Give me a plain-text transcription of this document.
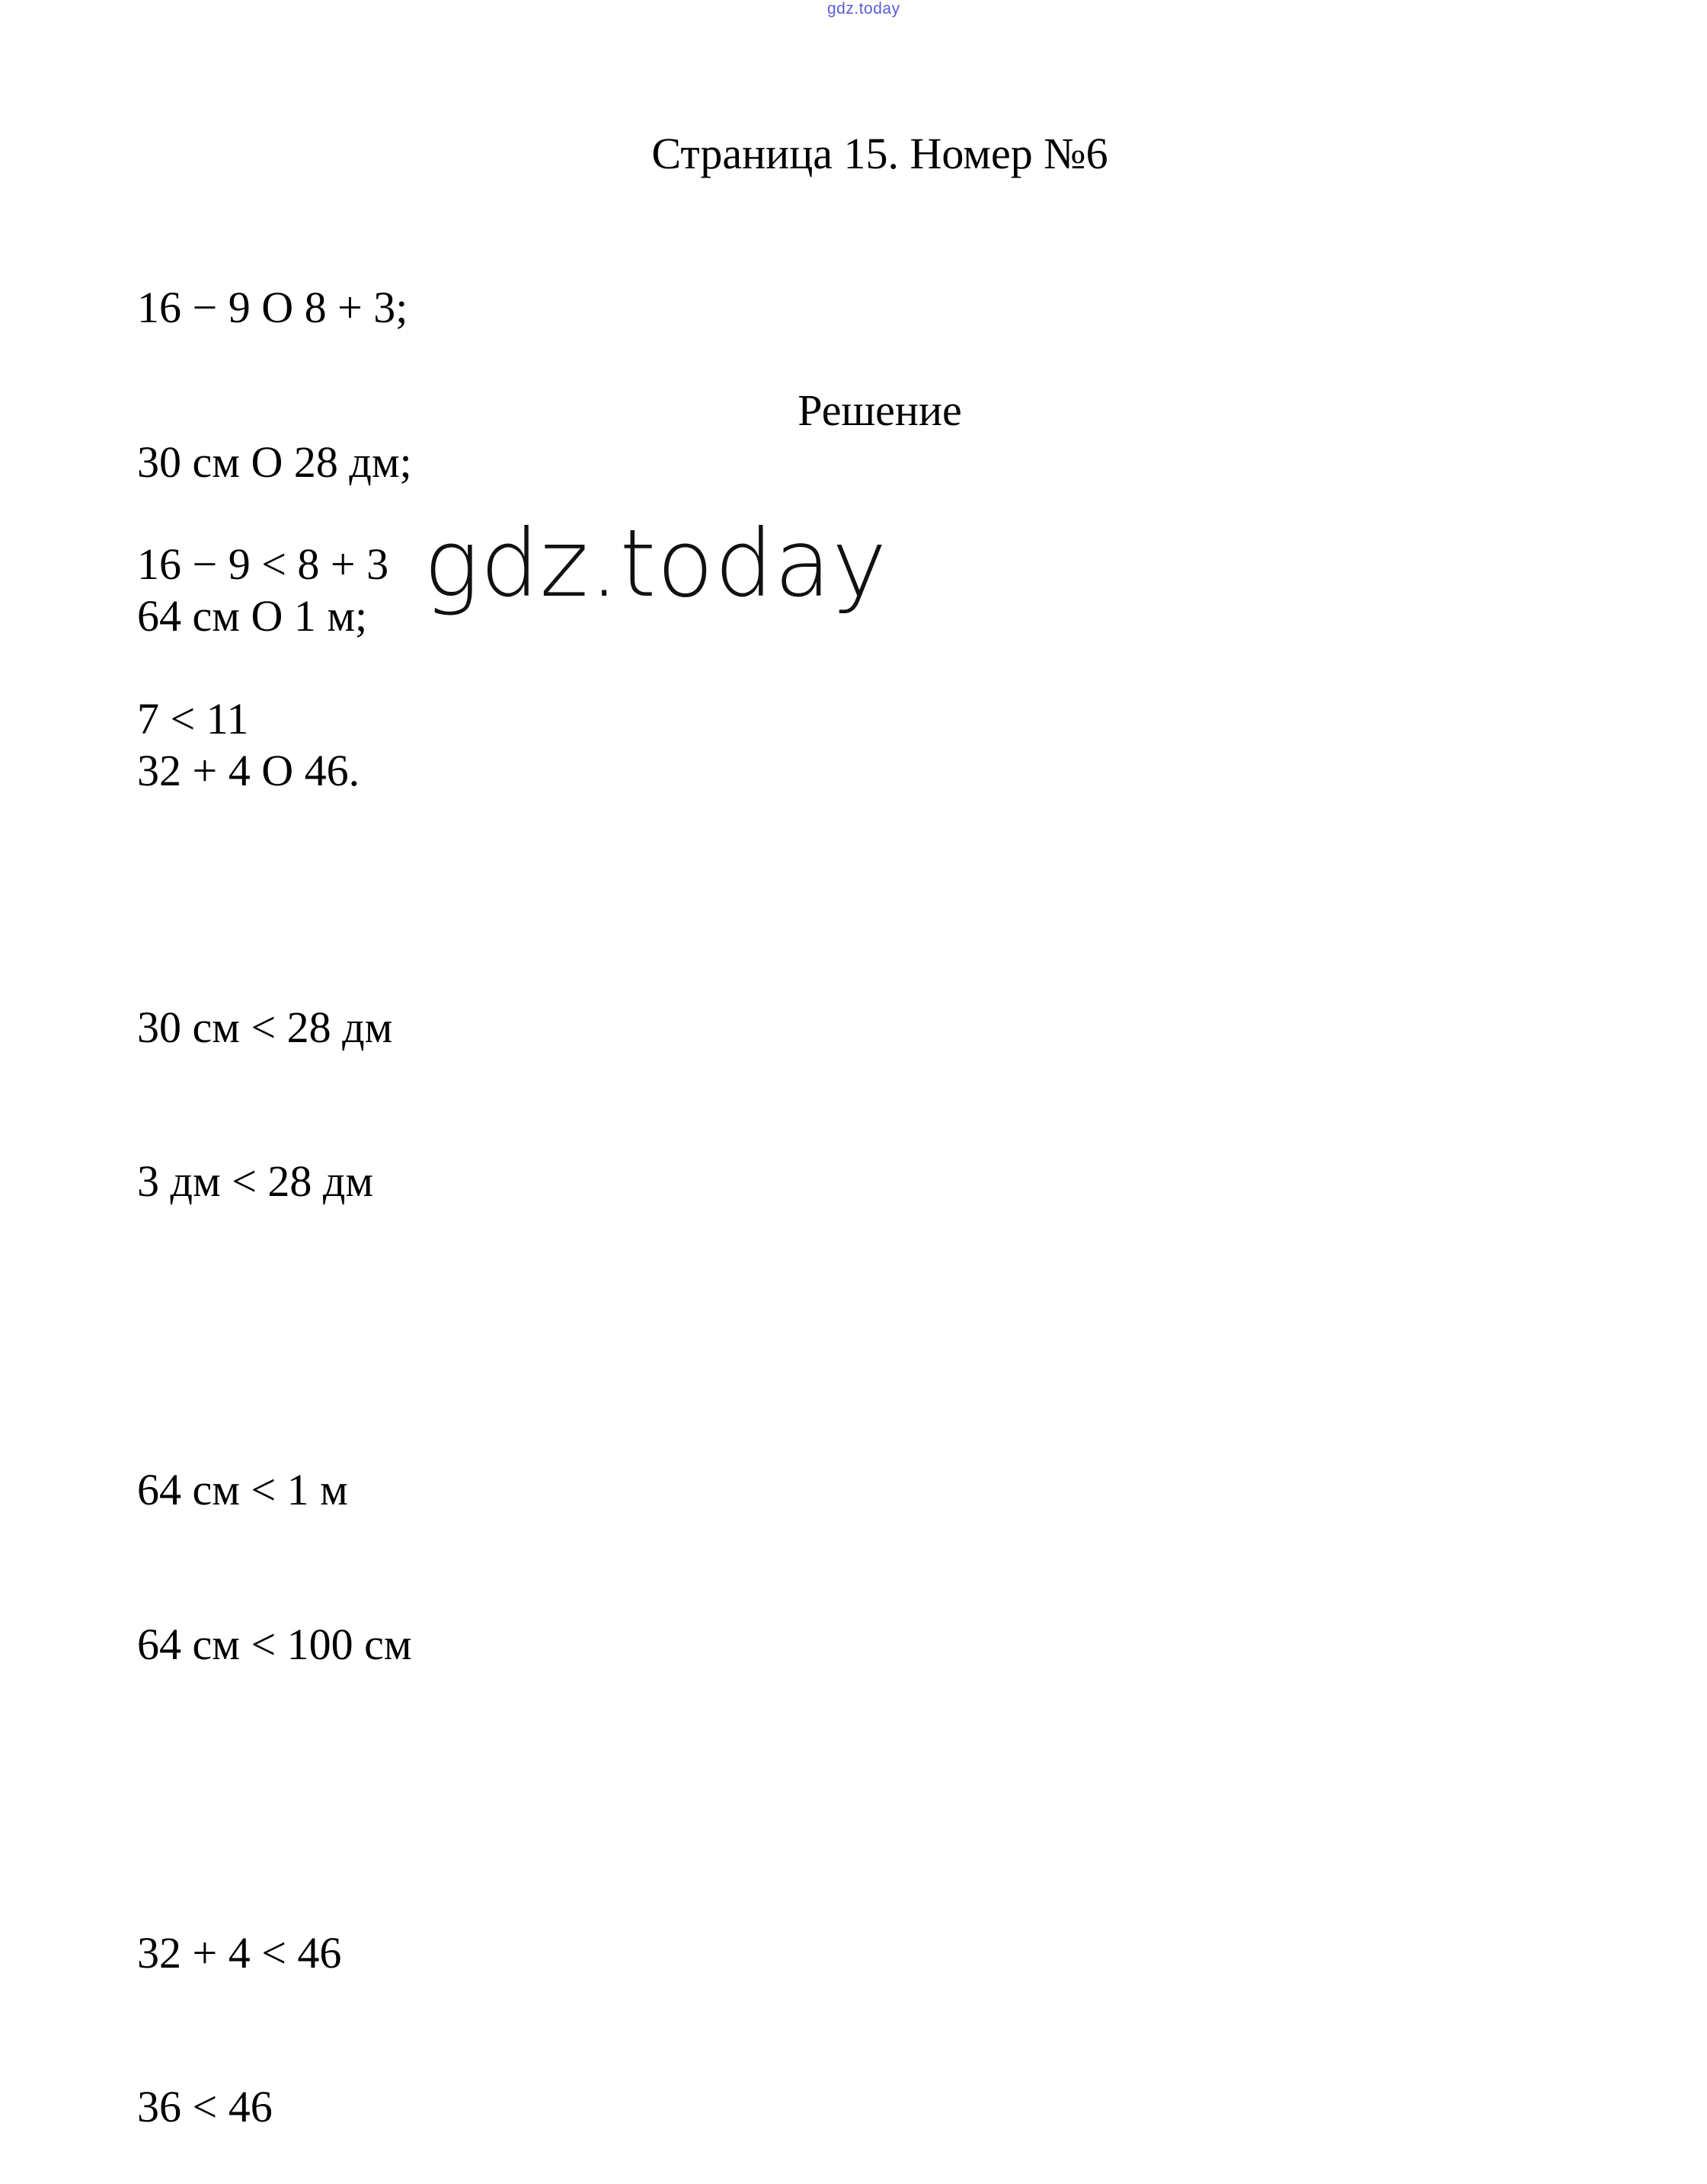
gdz.today
Страница 15. Номер №6

16 − 9 O 8 + 3;

30 см O 28 дм;

64 см O 1 м;

32 + 4 O 46.

Решение

16 − 9 < 8 + 3

7 < 11

30 см < 28 дм

3 дм < 28 дм

64 см < 1 м

64 см < 100 см

32 + 4 < 46

36 < 46

gdz.today
